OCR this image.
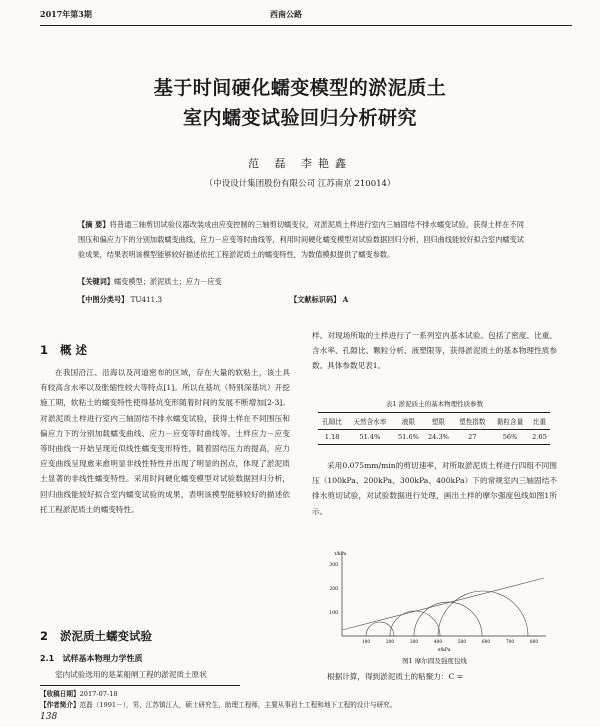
2017年第3期	西南公路
基于时间硬化蠕变模型的淤泥质土
室内蠕变试验回归分析研究
范 磊 李艳鑫
（中设设计集团股份有限公司 江苏南京 210014）
【摘 要】将普通三轴剪切试验仪器改装成由应变控制的三轴剪切蠕变仪，对淤泥质土样进行室内三轴固结不排水蠕变试验，获得土样在不同围压和偏应力下的分别加载蠕变曲线，应力－应变等时曲线等，利用时间硬化蠕变模型对试验数据回归分析，回归曲线能较好拟合室内蠕变试验成果，结果表明该模型能够较好描述依托工程淤泥质土的蠕变特性，为数值模拟提供了蠕变参数。
【关键词】蠕变模型；淤泥质土；应力－应变
【中图分类号】 TU411.3	【文献标识码】 A
1 概 述
在我国沿江、沿海以及河道密布的区域，存在大量的软粘土，该土具有较高含水率以及胀缩性较大等特点[1]。所以在基坑（特别深基坑）开挖施工期，软粘土的蠕变特性使得基坑变形随着时间的发展不断增加[2-3]。对淤泥质土样进行室内三轴固结不排水蠕变试验，获得土样在不同围压和偏应力下的分别加载蠕变曲线、应力－应变等时曲线等。土样应力－应变等时曲线一开始呈现近似线性蠕变变形特性，随着固结压力的提高，应力应变曲线呈现愈来愈明显非线性特性并出现了明显的拐点，体现了淤泥质土显著的非线性蠕变特性。采用时间硬化蠕变模型对试验数据回归分析，回归曲线能较好拟合室内蠕变试验的成果，表明该模型能够较好的描述依托工程淤泥质土的蠕变特性。
2 淤泥质土蠕变试验
2.1 试样基本物理力学性质
室内试验选用的是某船闸工程的淤泥质土原状
样。对现场所取的土样进行了一系列室内基本试验。包括了密度、比重、含水率、孔隙比、颗粒分析、液塑限等，获得淤泥质土的基本物理性质参数。具体参数见表1。
表1 淤泥质土的基本物理性质参数
孔隙比	天然含水率	液限	塑限	塑性指数	黏粒含量	比重
1.18	51.4%	51.6%	24.3%	27	56%	2.65
采用0.075mm/min的剪切速率，对所取淤泥质土样进行四组不同围压（100kPa、200kPa、300kPa、400kPa）下的常规室内三轴固结不排水剪切试验，对试验数据进行处理，画出土样的摩尔强度包线如图1所示。
τ/kPa
300
200
100
100	200	300	400	500	600	700	800
σ/kPa
图1 摩尔圆及强度包线
根据计算，得到淤泥质土的粘聚力：C =
【收稿日期】2017-07-18
【作者简介】范磊（1991－），男，江苏镇江人，硕士研究生，助理工程师，主要从事岩土工程和地下工程的设计与研究。
138
